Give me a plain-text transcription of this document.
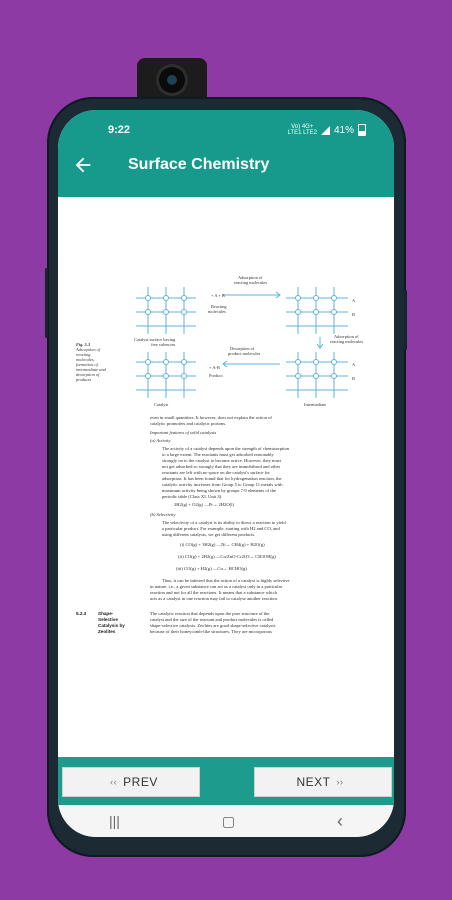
9:22	Vo) 4G+
LTE1 LTE2 41%
Surface Chemistry
Adsorption of
reacting molecules
+ A + B
Reacting
molecules
Catalyst surface having
free valencies
A
B
Adsorption of
reacting molecules
Desorption of
product molecules
+ A-B
Product
A
B
Catalyst	Intermediate
Fig. 5.3
Adsorption of
reacting
molecules,
formation of
intermediate and
desorption of
products
even in small quantities. It however, does not explain the action of
catalytic promoters and catalytic poisons.
Important features of solid catalysts
(a) Activity
The activity of a catalyst depends upon the strength of chemisorption
to a large extent. The reactants must get adsorbed reasonably
strongly on to the catalyst to become active. However, they must
not get adsorbed so strongly that they are immobilised and other
reactants are left with no space on the catalyst's surface for
adsorption. It has been found that for hydrogenation reaction, the
catalytic activity increases from Group 5 to Group 11 metals with
maximum activity being shown by groups 7-9 elements of the
periodic table (Class XI, Unit 3).
2H2(g) + O2(g) —Pt→ 2H2O(l)
(b) Selectivity
The selectivity of a catalyst is its ability to direct a reaction to yield
a particular product. For example, starting with H2 and CO, and
using different catalysts, we get different products.
(i) CO(g) + 3H2(g) —Ni→ CH4(g) + H2O(g)
(ii) CO(g) + 2H2(g) —Cu/ZnO-Cr2O3→ CH3OH(g)
(iii) CO(g) + H2(g) —Cu→ HCHO(g)
Thus, it can be inferred that the action of a catalyst is highly selective
in nature, i.e., a given substance can act as a catalyst only in a particular
reaction and not for all the reactions. It means that a substance which
acts as a catalyst in one reaction may fail to catalyse another reaction.
The catalytic reaction that depends upon the pore structure of the
catalyst and the size of the reactant and product molecules is called
shape-selective catalysis. Zeolites are good shape-selective catalysts
because of their honeycomb-like structures. They are microporous
5.2.3	Shape-
Selective
Catalysis by
Zeolites
‹‹ PREV	NEXT ››
|||	▢	‹
